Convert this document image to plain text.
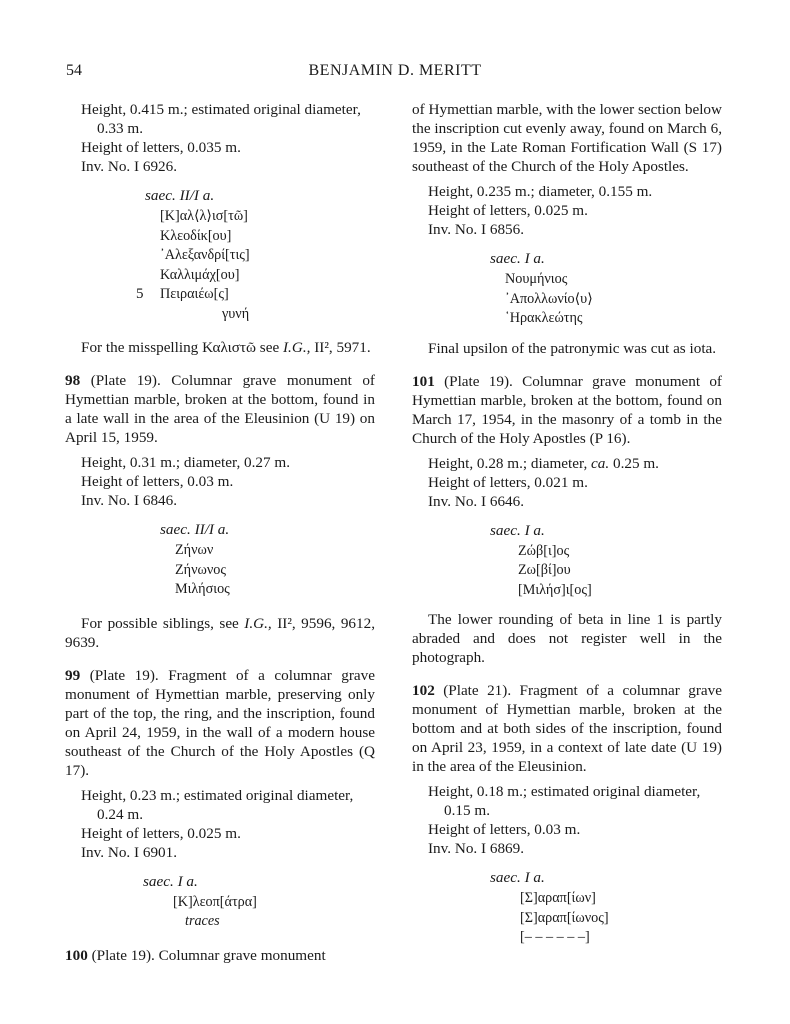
54	BENJAMIN D. MERITT

Height, 0.415 m.; estimated original diameter,

0.33 m.

Height of letters, 0.035 m.

Inv. No. I 6926.

saec. II/I a.

[Κ]αλ⟨λ⟩ισ[τῶ]

Κλεοδίκ[ου]

᾽Αλεξανδρί[τις]

Καλλιμάχ[ου]

5 Πειραιέω[ς]

γυνή

For the misspelling Καλιστῶ see I.G., II², 5971.

98 (Plate 19). Columnar grave monument of Hymettian marble, broken at the bottom, found in a late wall in the area of the Eleusinion (U 19) on April 15, 1959.

Height, 0.31 m.; diameter, 0.27 m.

Height of letters, 0.03 m.

Inv. No. I 6846.

saec. II/I a.

Ζήνων

Ζήνωνος

Μιλήσιος

For possible siblings, see I.G., II², 9596, 9612, 9639.

99 (Plate 19). Fragment of a columnar grave monument of Hymettian marble, preserving only part of the top, the ring, and the inscription, found on April 24, 1959, in the wall of a modern house southeast of the Church of the Holy Apostles (Q 17).

Height, 0.23 m.; estimated original diameter,

0.24 m.

Height of letters, 0.025 m.

Inv. No. I 6901.

saec. I a.

[Κ]λεοπ[άτρα]

traces

100 (Plate 19). Columnar grave monument

of Hymettian marble, with the lower section below the inscription cut evenly away, found on March 6, 1959, in the Late Roman Fortification Wall (S 17) southeast of the Church of the Holy Apostles.

Height, 0.235 m.; diameter, 0.155 m.

Height of letters, 0.025 m.

Inv. No. I 6856.

saec. I a.

Νουμήνιος

᾽Απολλωνίο⟨υ⟩

῾Ηρακλεώτης

Final upsilon of the patronymic was cut as iota.

101 (Plate 19). Columnar grave monument of Hymettian marble, broken at the bottom, found on March 17, 1954, in the masonry of a tomb in the Church of the Holy Apostles (P 16).

Height, 0.28 m.; diameter, ca. 0.25 m.

Height of letters, 0.021 m.

Inv. No. I 6646.

saec. I a.

Ζώβ[ι]ος

Ζω[βί]ου

[Μιλήσ]ι[ος]

The lower rounding of beta in line 1 is partly abraded and does not register well in the photograph.

102 (Plate 21). Fragment of a columnar grave monument of Hymettian marble, broken at the bottom and at both sides of the inscription, found on April 23, 1959, in a context of late date (U 19) in the area of the Eleusinion.

Height, 0.18 m.; estimated original diameter,

0.15 m.

Height of letters, 0.03 m.

Inv. No. I 6869.

saec. I a.

[Σ]αραπ[ίων]

[Σ]αραπ[ίωνος]

[– – – – – –]
